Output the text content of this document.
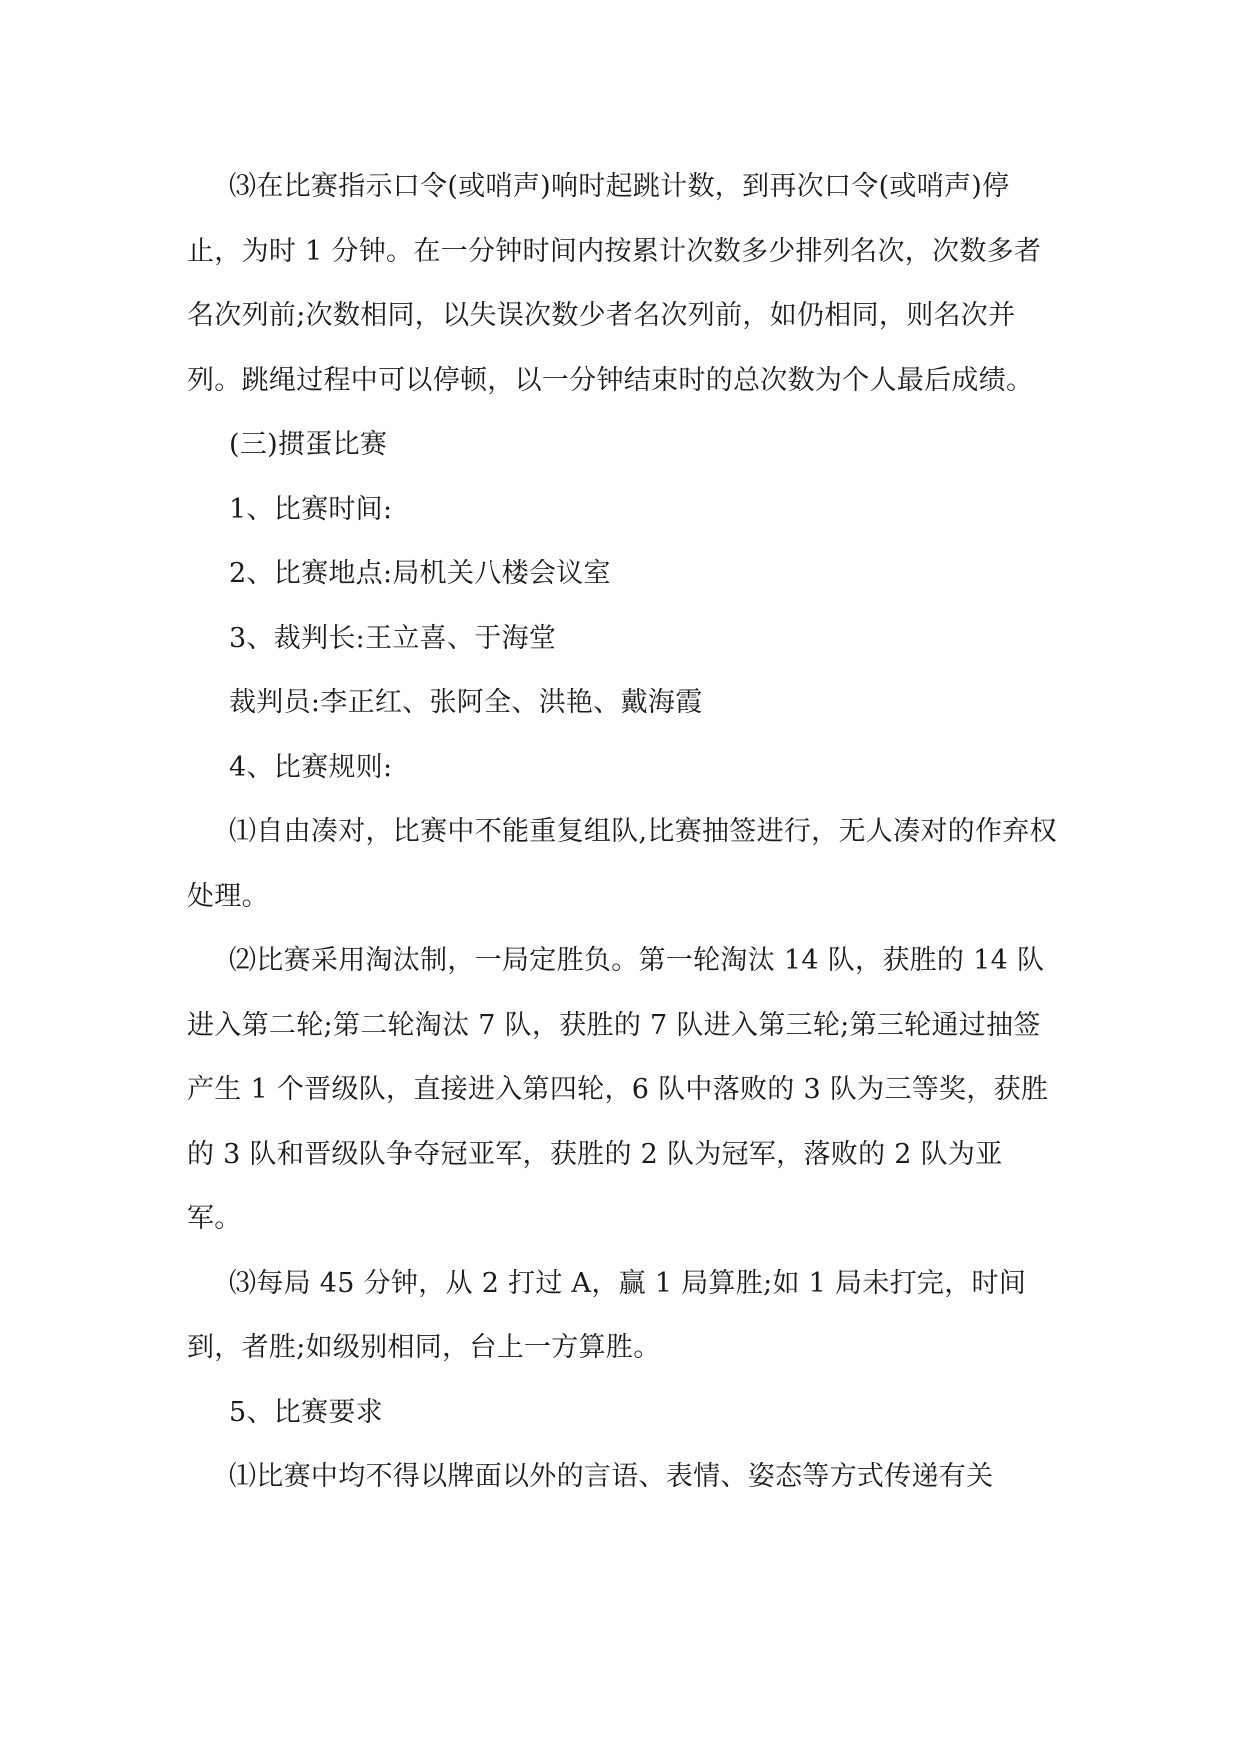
⑶在比赛指示口令(或哨声)响时起跳计数，到再次口令(或哨声)停止，为时 1 分钟。在一分钟时间内按累计次数多少排列名次，次数多者名次列前;次数相同，以失误次数少者名次列前，如仍相同，则名次并列。跳绳过程中可以停顿，以一分钟结束时的总次数为个人最后成绩。

(三)掼蛋比赛

1、比赛时间:

2、比赛地点:局机关八楼会议室

3、裁判长:王立喜、于海堂

裁判员:李正红、张阿全、洪艳、戴海霞

4、比赛规则:

⑴自由凑对，比赛中不能重复组队,比赛抽签进行，无人凑对的作弃权处理。

⑵比赛采用淘汰制，一局定胜负。第一轮淘汰 14 队，获胜的 14 队进入第二轮;第二轮淘汰 7 队，获胜的 7 队进入第三轮;第三轮通过抽签产生 1 个晋级队，直接进入第四轮，6 队中落败的 3 队为三等奖，获胜的 3 队和晋级队争夺冠亚军，获胜的 2 队为冠军，落败的 2 队为亚军。

⑶每局 45 分钟，从 2 打过 A，赢 1 局算胜;如 1 局未打完，时间到，者胜;如级别相同，台上一方算胜。

5、比赛要求

⑴比赛中均不得以牌面以外的言语、表情、姿态等方式传递有关
